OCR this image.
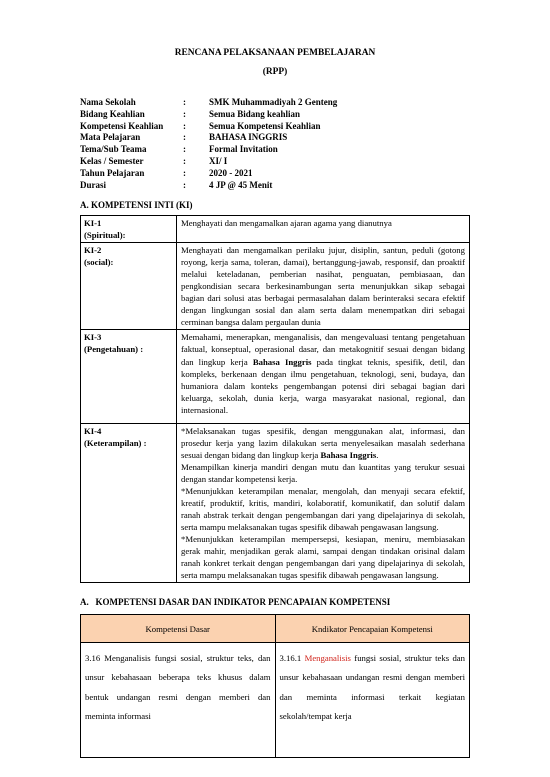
RENCANA PELAKSANAAN PEMBELAJARAN
(RPP)
Nama Sekolah	:	SMK Muhammadiyah 2 Genteng
Bidang Keahlian	:	Semua Bidang keahlian
Kompetensi Keahlian	:	Semua Kompetensi Keahlian
Mata Pelajaran	:	BAHASA INGGRIS
Tema/Sub Teama	:	Formal Invitation
Kelas / Semester	:	XI/ I
Tahun Pelajaran	:	2020 - 2021
Durasi	:	4 JP @ 45 Menit
A. KOMPETENSI INTI (KI)
KI-1
(Spiritual):	Menghayati dan mengamalkan ajaran agama yang dianutnya
KI-2
(social):	Menghayati dan mengamalkan perilaku jujur, disiplin, santun, peduli (gotong royong, kerja sama, toleran, damai), bertanggung-jawab, responsif, dan proaktif melalui keteladanan, pemberian nasihat, penguatan, pembiasaan, dan pengkondisian secara berkesinambungan serta menunjukkan sikap sebagai bagian dari solusi atas berbagai permasalahan dalam berinteraksi secara efektif dengan lingkungan sosial dan alam serta dalam menempatkan diri sebagai cerminan bangsa dalam pergaulan dunia
KI-3
(Pengetahuan) :	Memahami, menerapkan, menganalisis, dan mengevaluasi tentang pengetahuan faktual, konseptual, operasional dasar, dan metakognitif sesuai dengan bidang dan lingkup kerja Bahasa Inggris pada tingkat teknis, spesifik, detil, dan kompleks, berkenaan dengan ilmu pengetahuan, teknologi, seni, budaya, dan humaniora dalam konteks pengembangan potensi diri sebagai bagian dari keluarga, sekolah, dunia kerja, warga masyarakat nasional, regional, dan internasional.

KI-4
(Keterampilan) :	*Melaksanakan tugas spesifik, dengan menggunakan alat, informasi, dan prosedur kerja yang lazim dilakukan serta menyelesaikan masalah sederhana sesuai dengan bidang dan lingkup kerja Bahasa Inggris.
Menampilkan kinerja mandiri dengan mutu dan kuantitas yang terukur sesuai dengan standar kompetensi kerja.
*Menunjukkan keterampilan menalar, mengolah, dan menyaji secara efektif, kreatif, produktif, kritis, mandiri, kolaboratif, komunikatif, dan solutif dalam ranah abstrak terkait dengan pengembangan dari yang dipelajarinya di sekolah, serta mampu melaksanakan tugas spesifik dibawah pengawasan langsung.
*Menunjukkan keterampilan mempersepsi, kesiapan, meniru, membiasakan gerak mahir, menjadikan gerak alami, sampai dengan tindakan orisinal dalam ranah konkret terkait dengan pengembangan dari yang dipelajarinya di sekolah, serta mampu melaksanakan tugas spesifik dibawah pengawasan langsung.
A.   KOMPETENSI DASAR DAN INDIKATOR PENCAPAIAN KOMPETENSI
Kompetensi Dasar	Kndikator Pencapaian Kompetensi

3.16 Menganalisis fungsi sosial, struktur teks, dan unsur kebahasaan beberapa teks khusus dalam bentuk undangan resmi dengan memberi dan meminta informasi	3.16.1 Menganalisis fungsi sosial, struktur teks dan unsur kebahasaan undangan resmi dengan memberi dan meminta informasi terkait kegiatan sekolah/tempat kerja
